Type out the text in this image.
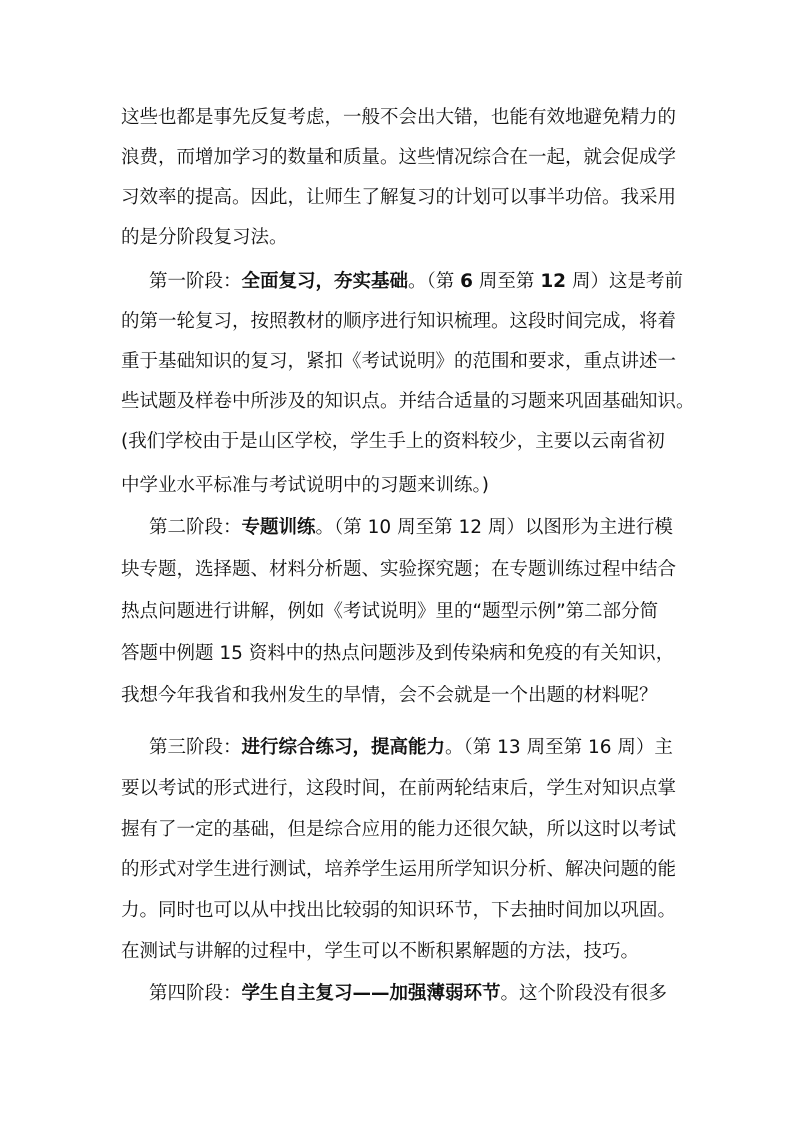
这些也都是事先反复考虑，一般不会出大错，也能有效地避免精力的
浪费，而增加学习的数量和质量。这些情况综合在一起，就会促成学
习效率的提高。因此，让师生了解复习的计划可以事半功倍。我采用
的是分阶段复习法。
第一阶段：全面复习，夯实基础。（第 6 周至第 12 周）这是考前
的第一轮复习，按照教材的顺序进行知识梳理。这段时间完成，将着
重于基础知识的复习，紧扣《考试说明》的范围和要求，重点讲述一
些试题及样卷中所涉及的知识点。并结合适量的习题来巩固基础知识。
(我们学校由于是山区学校，学生手上的资料较少，主要以云南省初
中学业水平标准与考试说明中的习题来训练。)
第二阶段：专题训练。（第 10 周至第 12 周）以图形为主进行模
块专题，选择题、材料分析题、实验探究题；在专题训练过程中结合
热点问题进行讲解，例如《考试说明》里的“题型示例”第二部分简
答题中例题 15 资料中的热点问题涉及到传染病和免疫的有关知识，
我想今年我省和我州发生的旱情，会不会就是一个出题的材料呢？
第三阶段：进行综合练习，提高能力。（第 13 周至第 16 周）主
要以考试的形式进行，这段时间，在前两轮结束后，学生对知识点掌
握有了一定的基础，但是综合应用的能力还很欠缺，所以这时以考试
的形式对学生进行测试，培养学生运用所学知识分析、解决问题的能
力。同时也可以从中找出比较弱的知识环节，下去抽时间加以巩固。
在测试与讲解的过程中，学生可以不断积累解题的方法，技巧。
第四阶段：学生自主复习——加强薄弱环节。这个阶段没有很多
